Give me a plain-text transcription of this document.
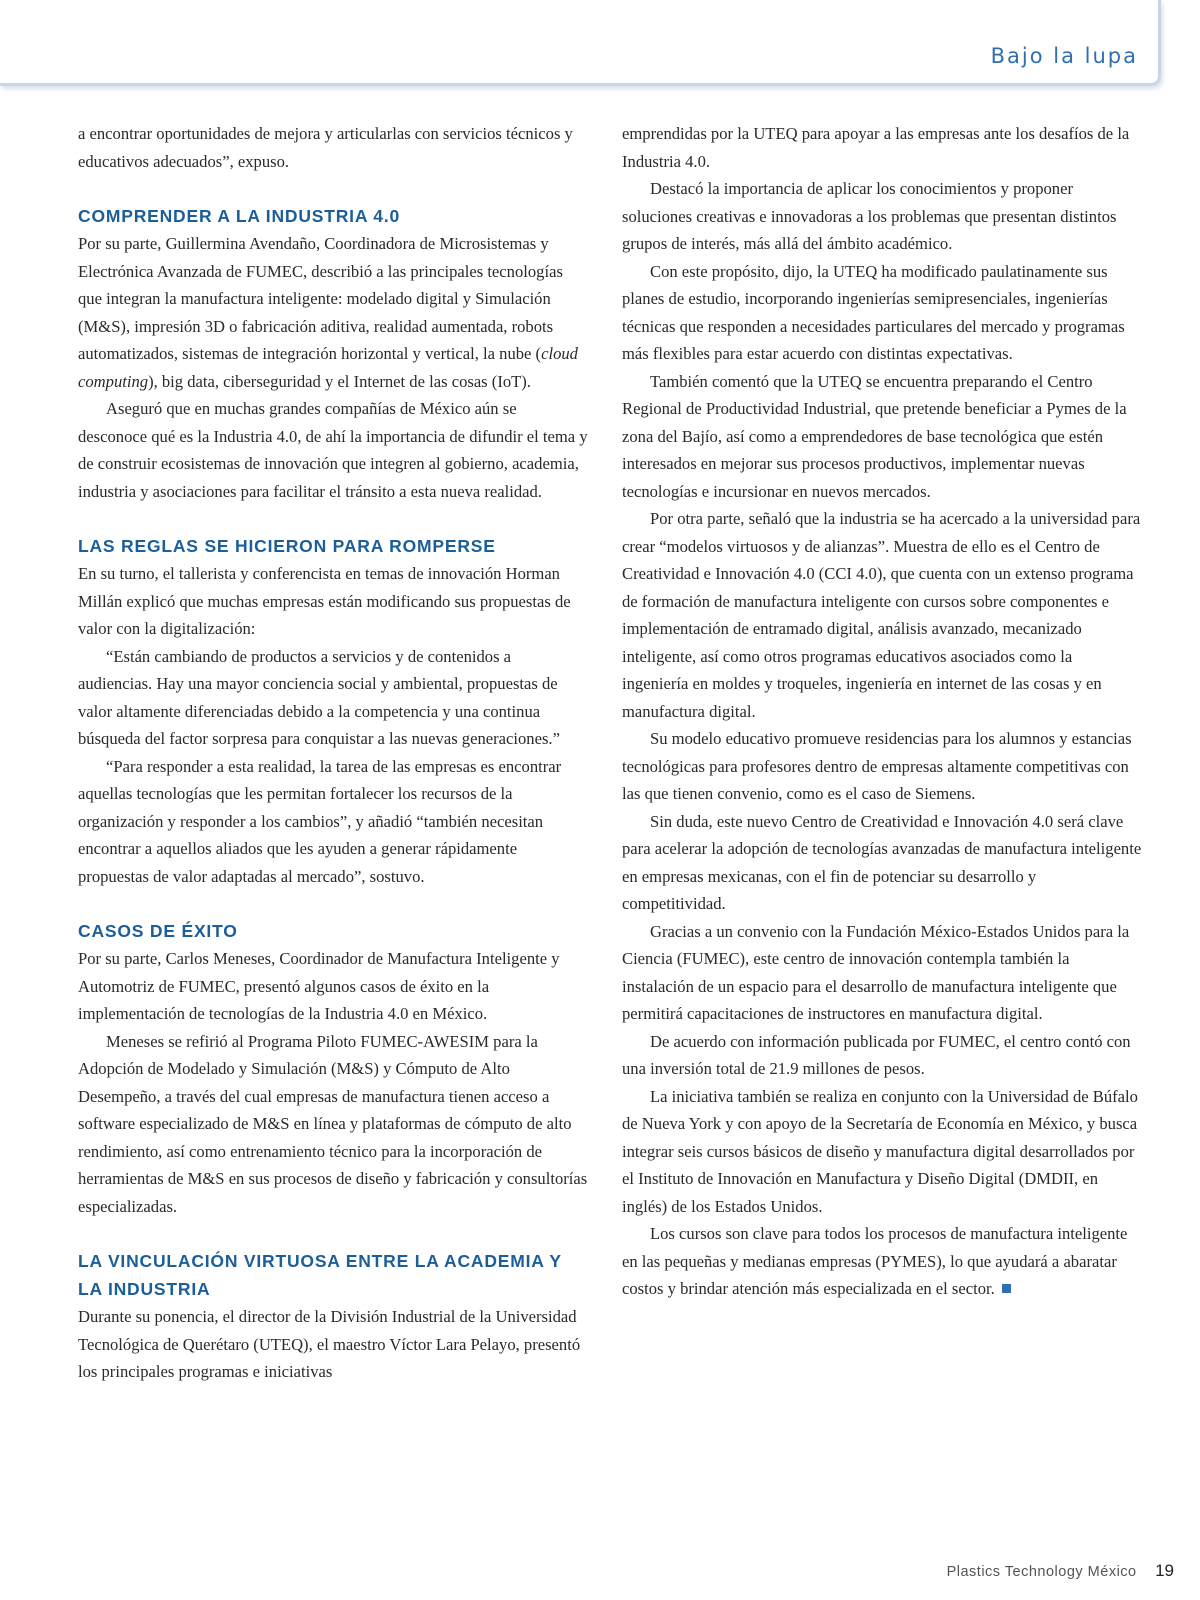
Bajo la lupa

a encontrar oportunidades de mejora y articularlas con servicios técnicos y educativos adecuados”, expuso.

COMPRENDER A LA INDUSTRIA 4.0

Por su parte, Guillermina Avendaño, Coordinadora de Microsistemas y Electrónica Avanzada de FUMEC, describió a las principales tecnologías que integran la manufactura inteligente: modelado digital y Simulación (M&S), impresión 3D o fabricación aditiva, realidad aumentada, robots automatizados, sistemas de integración horizontal y vertical, la nube (cloud computing), big data, ciberseguridad y el Internet de las cosas (IoT).

Aseguró que en muchas grandes compañías de México aún se desconoce qué es la Industria 4.0, de ahí la importancia de difundir el tema y de construir ecosistemas de innovación que integren al gobierno, academia, industria y asociaciones para facilitar el tránsito a esta nueva realidad.

LAS REGLAS SE HICIERON PARA ROMPERSE

En su turno, el tallerista y conferencista en temas de innovación Horman Millán explicó que muchas empresas están modificando sus propuestas de valor con la digitalización:

“Están cambiando de productos a servicios y de contenidos a audiencias. Hay una mayor conciencia social y ambiental, propuestas de valor altamente diferenciadas debido a la competencia y una continua búsqueda del factor sorpresa para conquistar a las nuevas generaciones.”

“Para responder a esta realidad, la tarea de las empresas es encontrar aquellas tecnologías que les permitan fortalecer los recursos de la organización y responder a los cambios”, y añadió “también necesitan encontrar a aquellos aliados que les ayuden a generar rápidamente propuestas de valor adaptadas al mercado”, sostuvo.

CASOS DE ÉXITO

Por su parte, Carlos Meneses, Coordinador de Manufactura Inteligente y Automotriz de FUMEC, presentó algunos casos de éxito en la implementación de tecnologías de la Industria 4.0 en México.

Meneses se refirió al Programa Piloto FUMEC-AWESIM para la Adopción de Modelado y Simulación (M&S) y Cómputo de Alto Desempeño, a través del cual empresas de manufactura tienen acceso a software especializado de M&S en línea y plataformas de cómputo de alto rendimiento, así como entrenamiento técnico para la incorporación de herramientas de M&S en sus procesos de diseño y fabricación y consultorías especializadas.

LA VINCULACIÓN VIRTUOSA ENTRE LA ACADEMIA Y LA INDUSTRIA

Durante su ponencia, el director de la División Industrial de la Universidad Tecnológica de Querétaro (UTEQ), el maestro Víctor Lara Pelayo, presentó los principales programas e iniciativas

emprendidas por la UTEQ para apoyar a las empresas ante los desafíos de la Industria 4.0.

Destacó la importancia de aplicar los conocimientos y proponer soluciones creativas e innovadoras a los problemas que presentan distintos grupos de interés, más allá del ámbito académico.

Con este propósito, dijo, la UTEQ ha modificado paulatinamente sus planes de estudio, incorporando ingenierías semipresenciales, ingenierías técnicas que responden a necesidades particulares del mercado y programas más flexibles para estar acuerdo con distintas expectativas.

También comentó que la UTEQ se encuentra preparando el Centro Regional de Productividad Industrial, que pretende beneficiar a Pymes de la zona del Bajío, así como a emprendedores de base tecnológica que estén interesados en mejorar sus procesos productivos, implementar nuevas tecnologías e incursionar en nuevos mercados.

Por otra parte, señaló que la industria se ha acercado a la universidad para crear “modelos virtuosos y de alianzas”. Muestra de ello es el Centro de Creatividad e Innovación 4.0 (CCI 4.0), que cuenta con un extenso programa de formación de manufactura inteligente con cursos sobre componentes e implementación de entramado digital, análisis avanzado, mecanizado inteligente, así como otros programas educativos asociados como la ingeniería en moldes y troqueles, ingeniería en internet de las cosas y en manufactura digital.

Su modelo educativo promueve residencias para los alumnos y estancias tecnológicas para profesores dentro de empresas altamente competitivas con las que tienen convenio, como es el caso de Siemens.

Sin duda, este nuevo Centro de Creatividad e Innovación 4.0 será clave para acelerar la adopción de tecnologías avanzadas de manufactura inteligente en empresas mexicanas, con el fin de potenciar su desarrollo y competitividad.

Gracias a un convenio con la Fundación México-Estados Unidos para la Ciencia (FUMEC), este centro de innovación contempla también la instalación de un espacio para el desarrollo de manufactura inteligente que permitirá capacitaciones de instructores en manufactura digital.

De acuerdo con información publicada por FUMEC, el centro contó con una inversión total de 21.9 millones de pesos.

La iniciativa también se realiza en conjunto con la Universidad de Búfalo de Nueva York y con apoyo de la Secretaría de Economía en México, y busca integrar seis cursos básicos de diseño y manufactura digital desarrollados por el Instituto de Innovación en Manufactura y Diseño Digital (DMDII, en inglés) de los Estados Unidos.

Los cursos son clave para todos los procesos de manufactura inteligente en las pequeñas y medianas empresas (PYMES), lo que ayudará a abaratar costos y brindar atención más especializada en el sector.

Plastics Technology México 19
